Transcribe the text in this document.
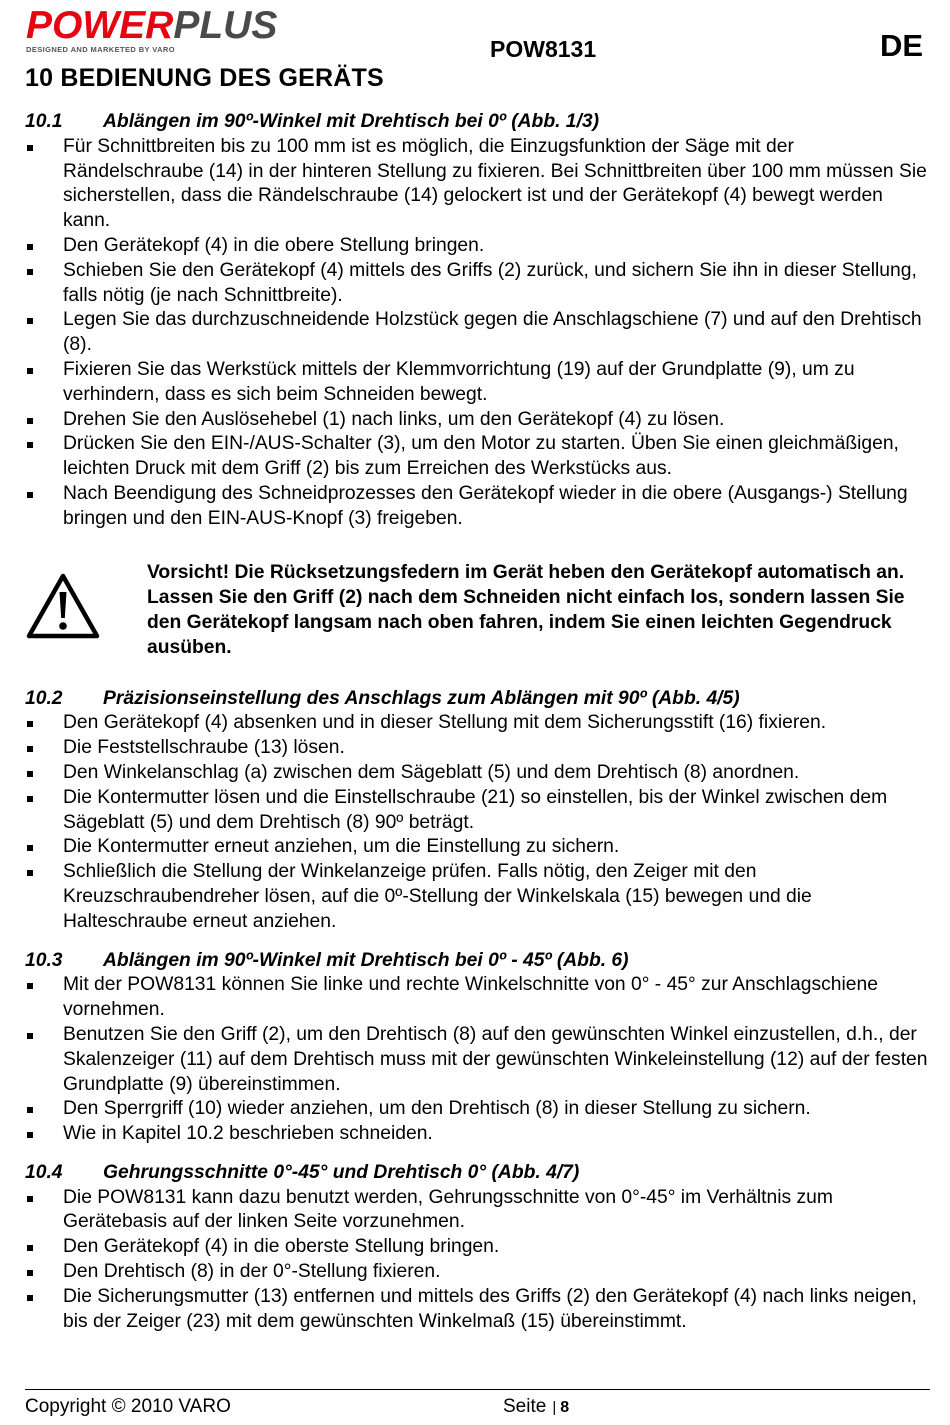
POWERPLUS
DESIGNED AND MARKETED BY VARO	POW8131	DE
10 BEDIENUNG DES GERÄTS
10.1	Ablängen im 90º-Winkel mit Drehtisch bei 0º (Abb. 1/3)
Für Schnittbreiten bis zu 100 mm ist es möglich, die Einzugsfunktion der Säge mit der Rändelschraube (14) in der hinteren Stellung zu fixieren. Bei Schnittbreiten über 100 mm müssen Sie sicherstellen, dass die Rändelschraube (14) gelockert ist und der Gerätekopf (4) bewegt werden kann.
Den Gerätekopf (4) in die obere Stellung bringen.
Schieben Sie den Gerätekopf (4) mittels des Griffs (2) zurück, und sichern Sie ihn in dieser Stellung, falls nötig (je nach Schnittbreite).
Legen Sie das durchzuschneidende Holzstück gegen die Anschlagschiene (7) und auf den Drehtisch (8).
Fixieren Sie das Werkstück mittels der Klemmvorrichtung (19) auf der Grundplatte (9), um zu verhindern, dass es sich beim Schneiden bewegt.
Drehen Sie den Auslösehebel (1) nach links, um den Gerätekopf (4) zu lösen.
Drücken Sie den EIN-/AUS-Schalter (3), um den Motor zu starten. Üben Sie einen gleichmäßigen, leichten Druck mit dem Griff (2) bis zum Erreichen des Werkstücks aus.
Nach Beendigung des Schneidprozesses den Gerätekopf wieder in die obere (Ausgangs-) Stellung bringen und den EIN-AUS-Knopf (3) freigeben.
Vorsicht! Die Rücksetzungsfedern im Gerät heben den Gerätekopf automatisch an. Lassen Sie den Griff (2) nach dem Schneiden nicht einfach los, sondern lassen Sie den Gerätekopf langsam nach oben fahren, indem Sie einen leichten Gegendruck ausüben.
10.2	Präzisionseinstellung des Anschlags zum Ablängen mit 90º (Abb. 4/5)
Den Gerätekopf (4) absenken und in dieser Stellung mit dem Sicherungsstift (16) fixieren.
Die Feststellschraube (13) lösen.
Den Winkelanschlag (a) zwischen dem Sägeblatt (5) und dem Drehtisch (8) anordnen.
Die Kontermutter lösen und die Einstellschraube (21) so einstellen, bis der Winkel zwischen dem Sägeblatt (5) und dem Drehtisch (8) 90º beträgt.
Die Kontermutter erneut anziehen, um die Einstellung zu sichern.
Schließlich die Stellung der Winkelanzeige prüfen. Falls nötig, den Zeiger mit den Kreuzschraubendreher lösen, auf die 0º-Stellung der Winkelskala (15) bewegen und die Halteschraube erneut anziehen.
10.3	Ablängen im 90º-Winkel mit Drehtisch bei 0º - 45º (Abb. 6)
Mit der POW8131 können Sie linke und rechte Winkelschnitte von 0° - 45° zur Anschlagschiene vornehmen.
Benutzen Sie den Griff (2), um den Drehtisch (8) auf den gewünschten Winkel einzustellen, d.h., der Skalenzeiger (11) auf dem Drehtisch muss mit der gewünschten Winkeleinstellung (12) auf der festen Grundplatte (9) übereinstimmen.
Den Sperrgriff (10) wieder anziehen, um den Drehtisch (8) in dieser Stellung zu sichern.
Wie in Kapitel 10.2 beschrieben schneiden.
10.4	Gehrungsschnitte 0°-45° und Drehtisch 0° (Abb. 4/7)
Die POW8131 kann dazu benutzt werden, Gehrungsschnitte von 0°-45° im Verhältnis zum Gerätebasis auf der linken Seite vorzunehmen.
Den Gerätekopf (4) in die oberste Stellung bringen.
Den Drehtisch (8) in der 0°-Stellung fixieren.
Die Sicherungsmutter (13) entfernen und mittels des Griffs (2) den Gerätekopf (4) nach links neigen, bis der Zeiger (23) mit dem gewünschten Winkelmaß (15) übereinstimmt.
Copyright © 2010 VARO	Seite | 8
